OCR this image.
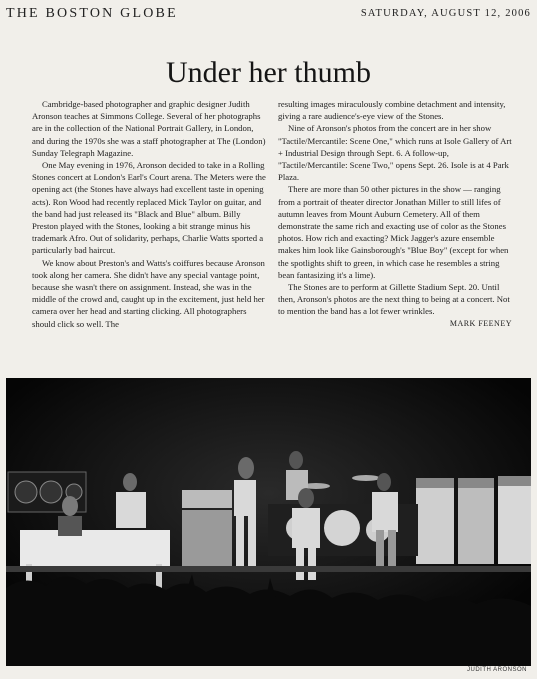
THE BOSTON GLOBE	SATURDAY, AUGUST 12, 2006
Under her thumb

Cambridge-based photographer and graphic designer Judith Aronson teaches at Simmons College. Several of her photographs are in the collection of the National Portrait Gallery, in London, and during the 1970s she was a staff photographer at The (London) Sunday Telegraph Magazine.

One May evening in 1976, Aronson decided to take in a Rolling Stones concert at London's Earl's Court arena. The Meters were the opening act (the Stones have always had excellent taste in opening acts). Ron Wood had recently replaced Mick Taylor on guitar, and the band had just released its "Black and Blue" album. Billy Preston played with the Stones, looking a bit strange minus his trademark Afro. Out of solidarity, perhaps, Charlie Watts sported a particularly bad haircut.

We know about Preston's and Watts's coiffures because Aronson took along her camera. She didn't have any special vantage point, because she wasn't there on assignment. Instead, she was in the middle of the crowd and, caught up in the excitement, just held her camera over her head and starting clicking. All photographers should click so well. The

resulting images miraculously combine detachment and intensity, giving a rare audience's-eye view of the Stones.

Nine of Aronson's photos from the concert are in her show "Tactile/Mercantile: Scene One," which runs at Isole Gallery of Art + Industrial Design through Sept. 6. A follow-up, "Tactile/Mercantile: Scene Two," opens Sept. 26. Isole is at 4 Park Plaza.

There are more than 50 other pictures in the show — ranging from a portrait of theater director Jonathan Miller to still lifes of autumn leaves from Mount Auburn Cemetery. All of them demonstrate the same rich and exacting use of color as the Stones photos. How rich and exacting? Mick Jagger's azure ensemble makes him look like Gainsborough's "Blue Boy" (except for when the spotlights shift to green, in which case he resembles a string bean fantasizing it's a lime).

The Stones are to perform at Gillette Stadium Sept. 20. Until then, Aronson's photos are the next thing to being at a concert. Not to mention the band has a lot fewer wrinkles.

MARK FEENEY
JUDITH ARONSON
